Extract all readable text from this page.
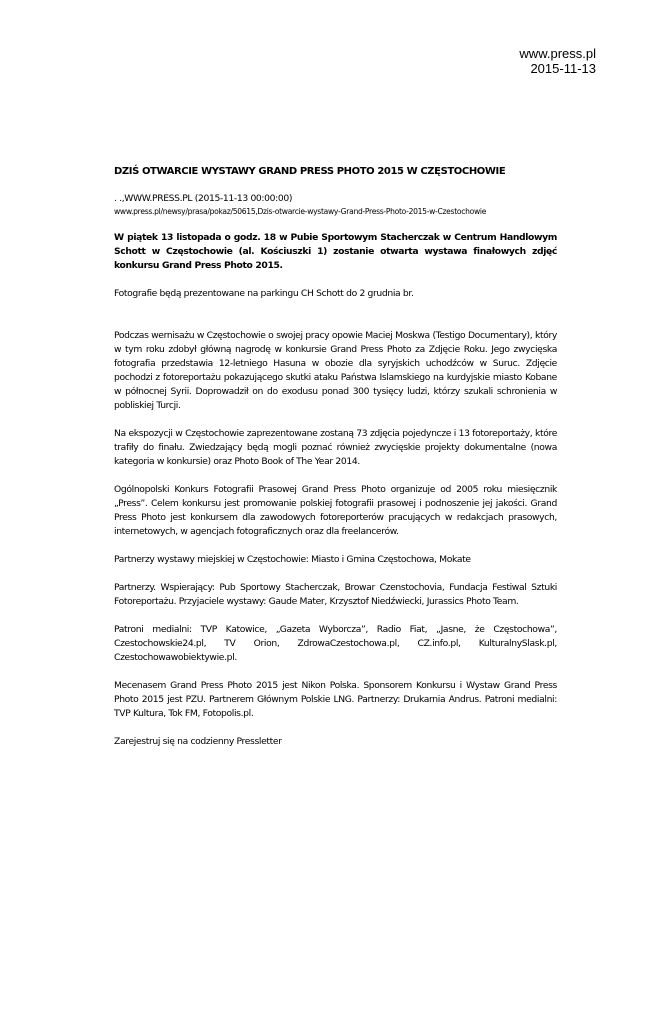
www.press.pl
2015-11-13

DZIŚ OTWARCIE WYSTAWY GRAND PRESS PHOTO 2015 W CZĘSTOCHOWIE

. .,WWW.PRESS.PL (2015-11-13 00:00:00)

www.press.pl/newsy/prasa/pokaz/50615,Dzis-otwarcie-wystawy-Grand-Press-Photo-2015-w-Czestochowie

W piątek 13 listopada o godz. 18 w Pubie Sportowym Stacherczak w Centrum Handlowym Schott w Częstochowie (al. Kościuszki 1) zostanie otwarta wystawa finałowych zdjęć konkursu Grand Press Photo 2015.

Fotografie będą prezentowane na parkingu CH Schott do 2 grudnia br.

Podczas wernisażu w Częstochowie o swojej pracy opowie Maciej Moskwa (Testigo Documentary), który w tym roku zdobył główną nagrodę w konkursie Grand Press Photo za Zdjęcie Roku. Jego zwycięska fotografia przedstawia 12-letniego Hasuna w obozie dla syryjskich uchodźców w Suruc. Zdjęcie pochodzi z fotoreportażu pokazującego skutki ataku Państwa Islamskiego na kurdyjskie miasto Kobane w północnej Syrii. Doprowadził on do exodusu ponad 300 tysięcy ludzi, którzy szukali schronienia w pobliskiej Turcji.

Na ekspozycji w Częstochowie zaprezentowane zostaną 73 zdjęcia pojedyncze i 13 fotoreportaży, które trafiły do finału. Zwiedzający będą mogli poznać również zwycięskie projekty dokumentalne (nowa kategoria w konkursie) oraz Photo Book of The Year 2014.

Ogólnopolski Konkurs Fotografii Prasowej Grand Press Photo organizuje od 2005 roku miesięcznik „Press”. Celem konkursu jest promowanie polskiej fotografii prasowej i podnoszenie jej jakości. Grand Press Photo jest konkursem dla zawodowych fotoreporterów pracujących w redakcjach prasowych, internetowych, w agencjach fotograficznych oraz dla freelancerów.

Partnerzy wystawy miejskiej w Częstochowie: Miasto i Gmina Częstochowa, Mokate

Partnerzy. Wspierający: Pub Sportowy Stacherczak, Browar Czenstochovia, Fundacja Festiwal Sztuki Fotoreportażu. Przyjaciele wystawy: Gaude Mater, Krzysztof Niedźwiecki, Jurassics Photo Team.

Patroni medialni: TVP Katowice, „Gazeta Wyborcza”, Radio Fiat, „Jasne, że Częstochowa”, Czestochowskie24.pl, TV Orion, ZdrowaCzestochowa.pl, CZ.info.pl, KulturalnySlask.pl, Czestochowawobiektywie.pl.

Mecenasem Grand Press Photo 2015 jest Nikon Polska. Sponsorem Konkursu i Wystaw Grand Press Photo 2015 jest PZU. Partnerem Głównym Polskie LNG. Partnerzy: Drukarnia Andrus. Patroni medialni: TVP Kultura, Tok FM, Fotopolis.pl.

Zarejestruj się na codzienny Pressletter
